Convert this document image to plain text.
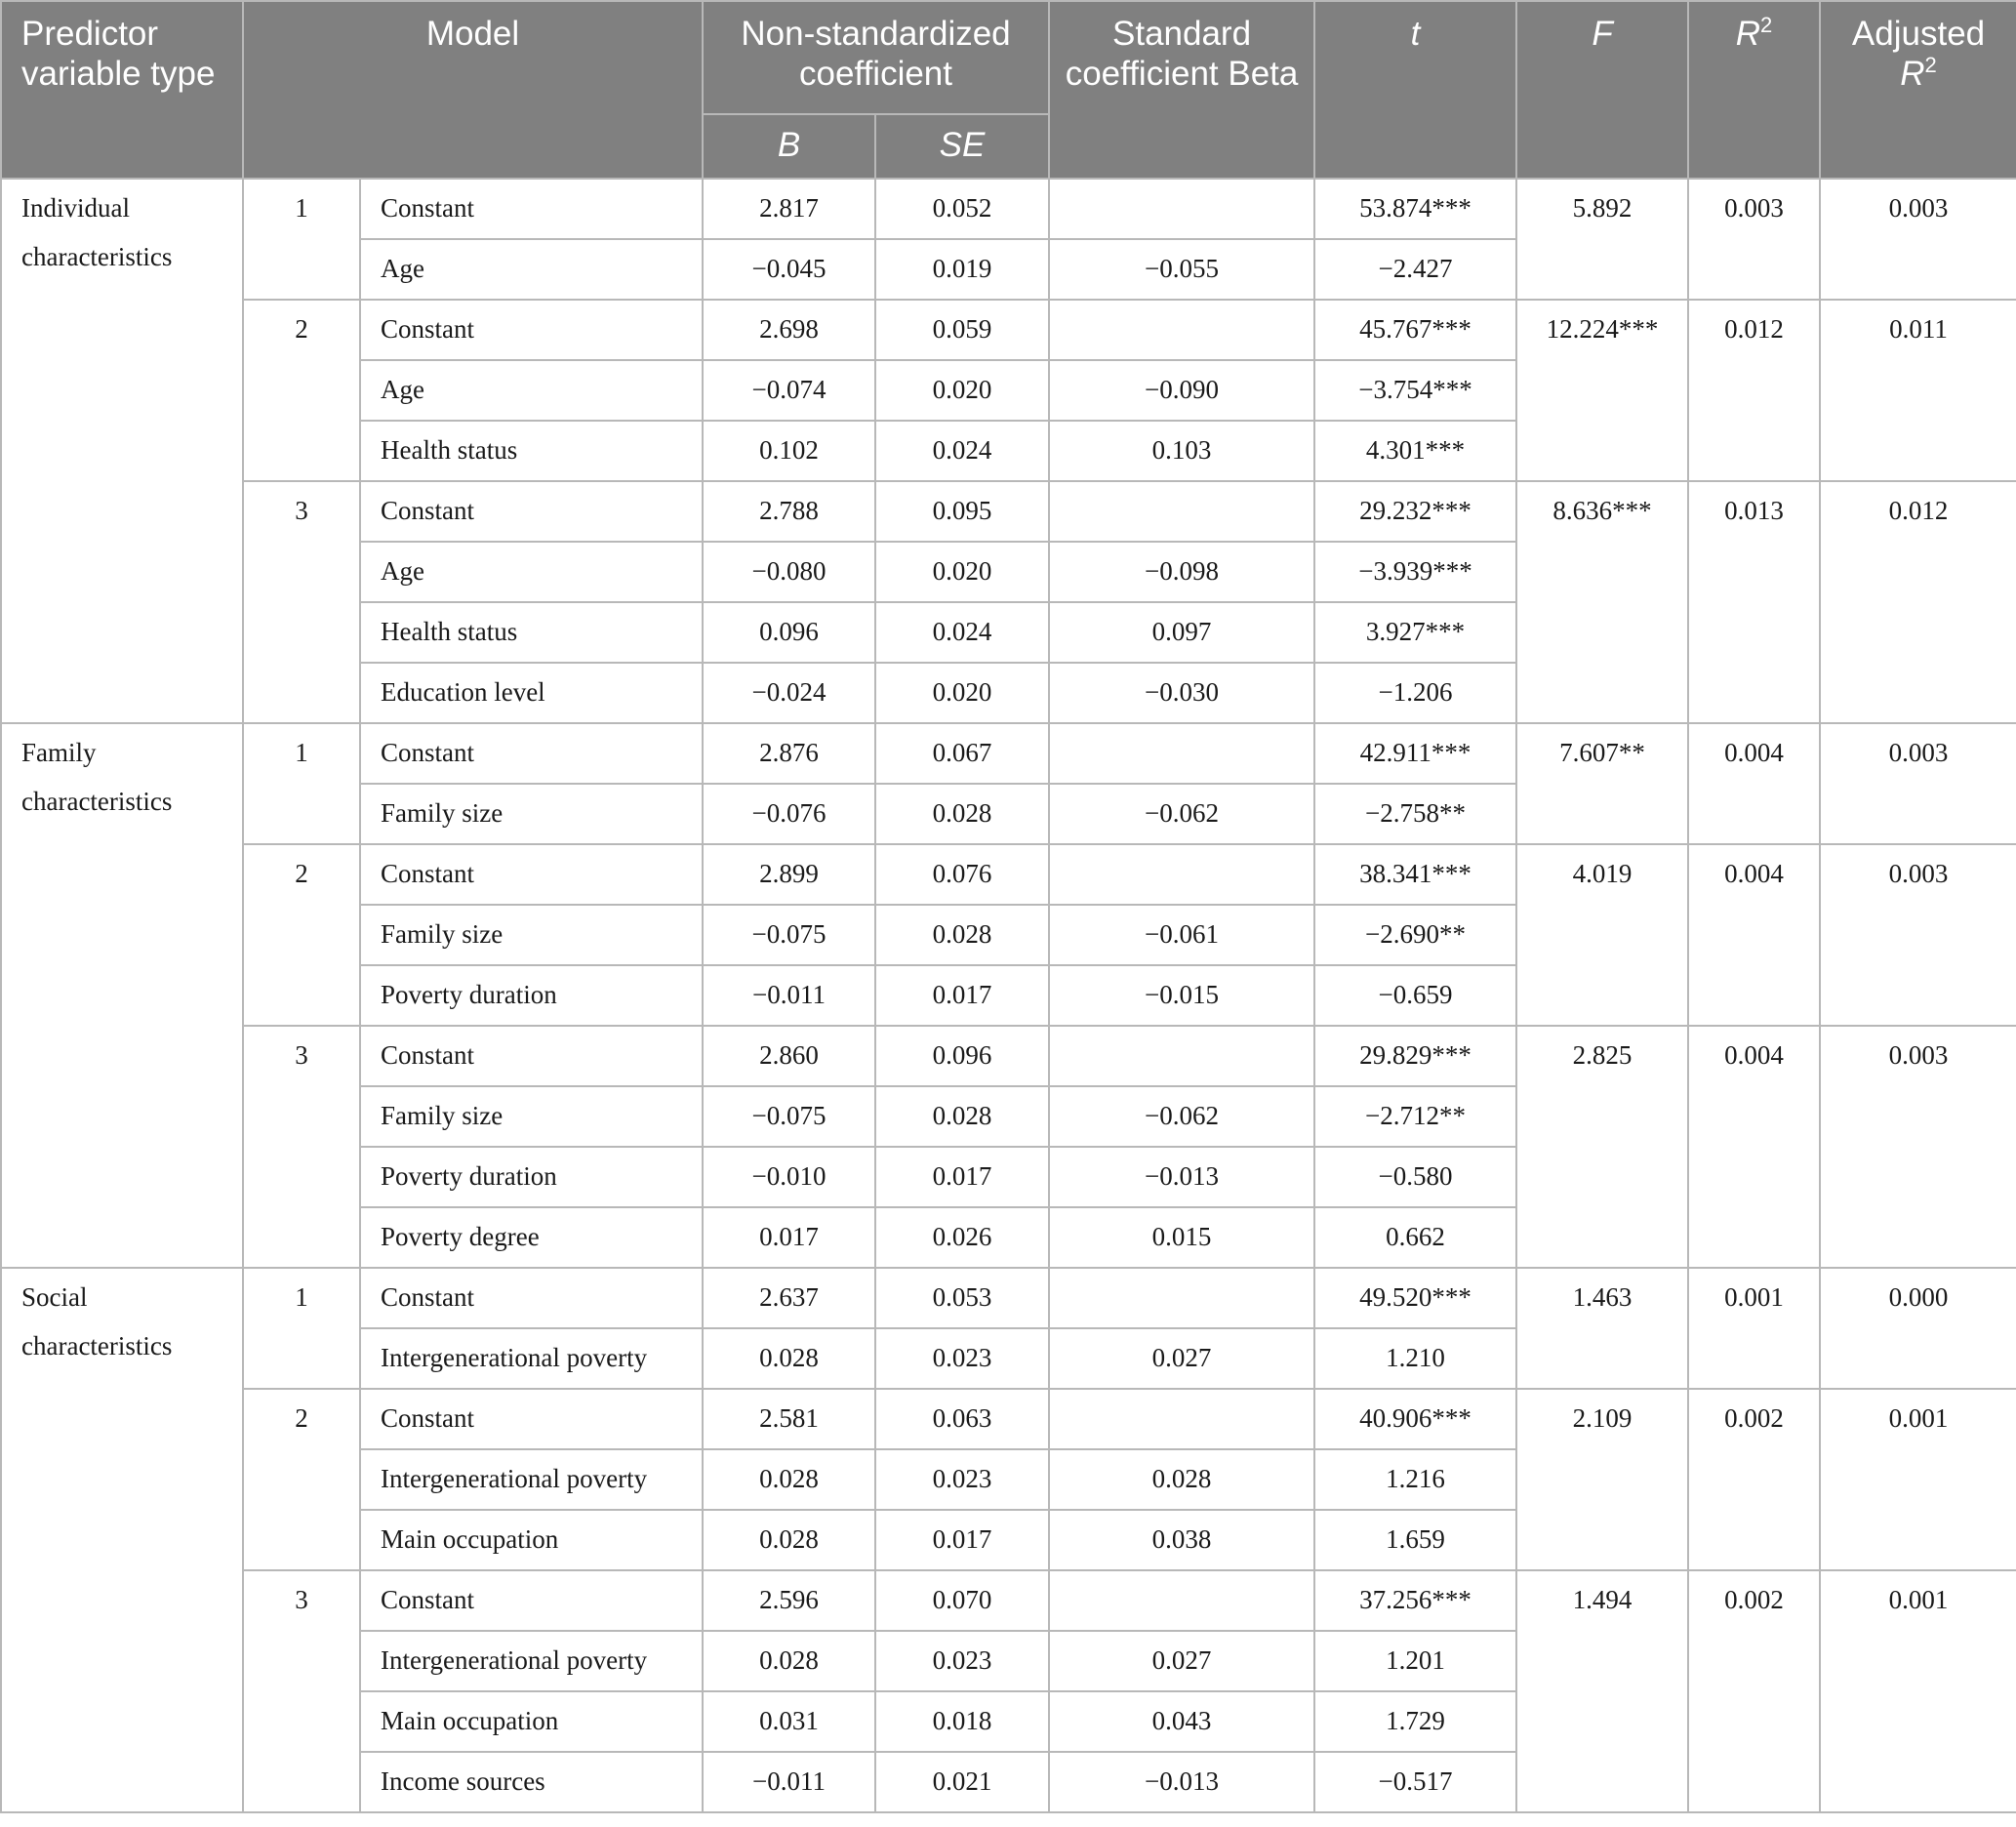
Predictor variable type	Model		Non-standardized coefficient		Standard coefficient Beta	t	F	$R^2$	Adjusted
$R^2$
			B	SE					
Individual characteristics	1	Constant	2.817	0.052		53.874***	5.892	0.003	0.003
		Age	−0.045	0.019	−0.055	−2.427			
	2	Constant	2.698	0.059		45.767***	12.224***	0.012	0.011
		Age	−0.074	0.020	−0.090	−3.754***			
		Health status	0.102	0.024	0.103	4.301***			
	3	Constant	2.788	0.095		29.232***	8.636***	0.013	0.012
		Age	−0.080	0.020	−0.098	−3.939***			
		Health status	0.096	0.024	0.097	3.927***			
		Education level	−0.024	0.020	−0.030	−1.206			
Family characteristics	1	Constant	2.876	0.067		42.911***	7.607**	0.004	0.003
		Family size	−0.076	0.028	−0.062	−2.758**			
	2	Constant	2.899	0.076		38.341***	4.019	0.004	0.003
		Family size	−0.075	0.028	−0.061	−2.690**			
		Poverty duration	−0.011	0.017	−0.015	−0.659			
	3	Constant	2.860	0.096		29.829***	2.825	0.004	0.003
		Family size	−0.075	0.028	−0.062	−2.712**			
		Poverty duration	−0.010	0.017	−0.013	−0.580			
		Poverty degree	0.017	0.026	0.015	0.662			
Social characteristics	1	Constant	2.637	0.053		49.520***	1.463	0.001	0.000
		Intergenerational poverty	0.028	0.023	0.027	1.210			
	2	Constant	2.581	0.063		40.906***	2.109	0.002	0.001
		Intergenerational poverty	0.028	0.023	0.028	1.216			
		Main occupation	0.028	0.017	0.038	1.659			
	3	Constant	2.596	0.070		37.256***	1.494	0.002	0.001
		Intergenerational poverty	0.028	0.023	0.027	1.201			
		Main occupation	0.031	0.018	0.043	1.729			
		Income sources	−0.011	0.021	−0.013	−0.517			
